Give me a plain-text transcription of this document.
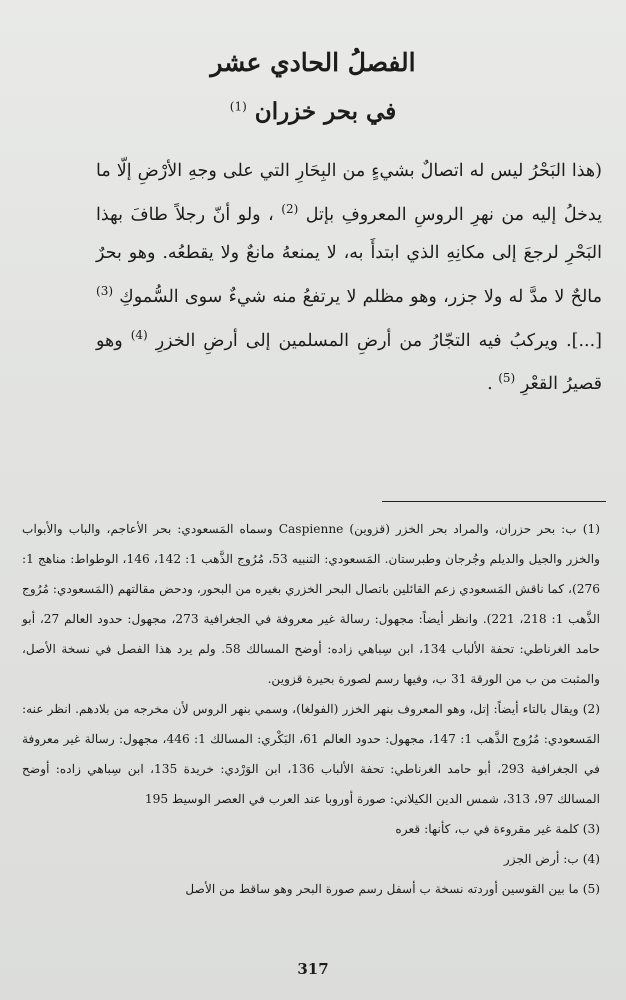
الفصلُ الحادي عشر
في بحر خزران $^{(1)}$
(هذا البَحْرُ ليس له اتصالٌ بشيءٍ من البِحَارِ التي على وجهِ الأرْضِ إلّا ما يدخلُ إليه من نهرِ الروسِ المعروفِ بإتل $^{(2)}$ ، ولو أنّ رجلاً طافَ بهذا البَحْرِ لرجعَ إلى مكانِهِ الذي ابتدأَ به، لا يمنعهُ مانعٌ ولا يقطعُه. وهو بحرٌ مالحٌ لا مدَّ له ولا جزر، وهو مظلم لا يرتفعُ منه شيءٌ سوى السُّموكِ $^{(3)}$ [...]. ويركبُ فيه التجّارُ من أرضِ المسلمين إلى أرضِ الخزرِ $^{(4)}$ وهو قصيرُ القعْرِ $^{(5)}$ .

(1) ب: بحر حزران، والمراد بحر الخزر (قزوين) Caspienne وسماه المَسعودي: بحر الأعاجم، والباب والأبواب والخزر والجيل والديلم وجُرجان وطبرستان. المَسعودي: التنبيه 53، مُرُوج الذَّهب 1: 142، 146، الوطواط: مناهج 1: 276)، كما ناقش المَسعودي زعم القائلين باتصال البحر الخزري بغيره من البحور، ودحض مقالتهم (المَسعودي: مُرُوج الذَّهب 1: 218، 221). وانظر أيضاً: مجهول: رسالة غير معروفة في الجغرافية 273، مجهول: حدود العالم 27، أبو حامد الغرناطي: تحفة الألباب 134، ابن سِباهي زاده: أوضح المسالك 58. ولم يرد هذا الفصل في نسخة الأصل، والمثبت من ب من الورقة 31 ب، وفيها رسم لصورة بحيرة قزوين.

(2) ويقال بالتاء أيضاً: إتل، وهو المعروف بنهر الخزر (الفولغا)، وسمي بنهر الروس لأن مخرجه من بلادهم. انظر عنه: المَسعودي: مُرُوج الذَّهب 1: 147، مجهول: حدود العالم 61، البَكْري: المسالك 1: 446، مجهول: رسالة غير معروفة في الجغرافية 293، أبو حامد الغرناطي: تحفة الألباب 136، ابن الوَرْدي: خريدة 135، ابن سِباهي زاده: أوضح المسالك 97، 313، شمس الدين الكيلاني: صورة أوروبا عند العرب في العصر الوسيط 195

(3) كلمة غير مقروءة في ب، كأنها: قعره

(4) ب: أرض الجزر

(5) ما بين القوسين أوردته نسخة ب أسفل رسم صورة البحر وهو ساقط من الأصل

317
